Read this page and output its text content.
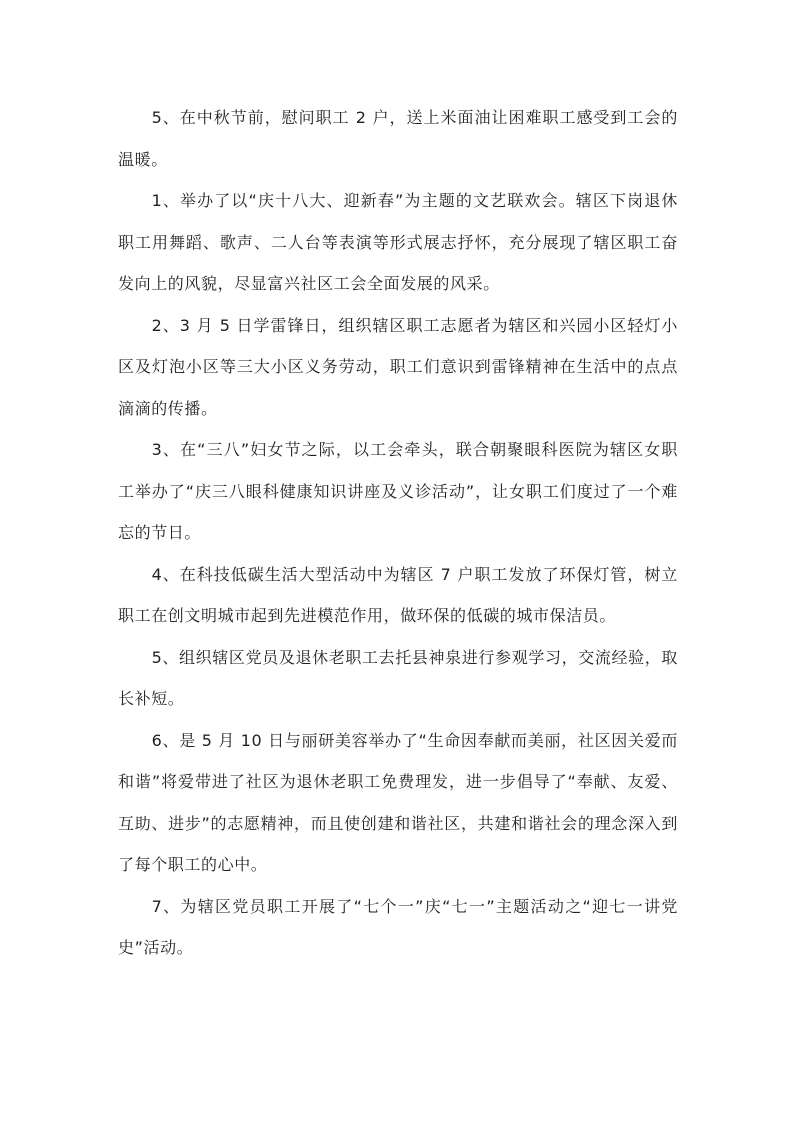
5、在中秋节前，慰问职工 2 户，送上米面油让困难职工感受到工会的温暖。

1、举办了以“庆十八大、迎新春”为主题的文艺联欢会。辖区下岗退休职工用舞蹈、歌声、二人台等表演等形式展志抒怀，充分展现了辖区职工奋发向上的风貌，尽显富兴社区工会全面发展的风采。

2、3 月 5 日学雷锋日，组织辖区职工志愿者为辖区和兴园小区轻灯小区及灯泡小区等三大小区义务劳动，职工们意识到雷锋精神在生活中的点点滴滴的传播。

3、在“三八”妇女节之际，以工会牵头，联合朝聚眼科医院为辖区女职工举办了“庆三八眼科健康知识讲座及义诊活动”，让女职工们度过了一个难忘的节日。

4、在科技低碳生活大型活动中为辖区 7 户职工发放了环保灯管，树立职工在创文明城市起到先进模范作用，做环保的低碳的城市保洁员。

5、组织辖区党员及退休老职工去托县神泉进行参观学习，交流经验，取长补短。

6、是 5 月 10 日与丽研美容举办了“生命因奉献而美丽，社区因关爱而和谐”将爱带进了社区为退休老职工免费理发，进一步倡导了“奉献、友爱、互助、进步”的志愿精神，而且使创建和谐社区，共建和谐社会的理念深入到了每个职工的心中。

7、为辖区党员职工开展了“七个一”庆“七一”主题活动之“迎七一讲党史”活动。
